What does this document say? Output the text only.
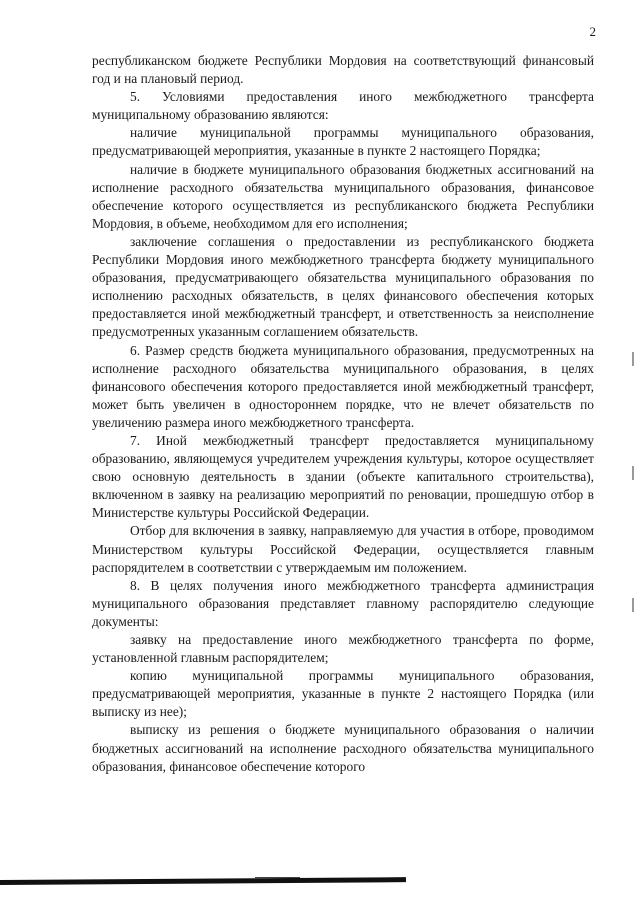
2

республиканском бюджете Республики Мордовия на соответствующий финансовый год и на плановый период.

5. Условиями предоставления иного межбюджетного трансферта муниципальному образованию являются:

наличие муниципальной программы муниципального образования, предусматривающей мероприятия, указанные в пункте 2 настоящего Порядка;

наличие в бюджете муниципального образования бюджетных ассигнований на исполнение расходного обязательства муниципального образования, финансовое обеспечение которого осуществляется из республиканского бюджета Республики Мордовия, в объеме, необходимом для его исполнения;

заключение соглашения о предоставлении из республиканского бюджета Республики Мордовия иного межбюджетного трансферта бюджету муниципального образования, предусматривающего обязательства муниципального образования по исполнению расходных обязательств, в целях финансового обеспечения которых предоставляется иной межбюджетный трансферт, и ответственность за неисполнение предусмотренных указанным соглашением обязательств.

6. Размер средств бюджета муниципального образования, предусмотренных на исполнение расходного обязательства муниципального образования, в целях финансового обеспечения которого предоставляется иной межбюджетный трансферт, может быть увеличен в одностороннем порядке, что не влечет обязательств по увеличению размера иного межбюджетного трансферта.

7. Иной межбюджетный трансферт предоставляется муниципальному образованию, являющемуся учредителем учреждения культуры, которое осуществляет свою основную деятельность в здании (объекте капитального строительства), включенном в заявку на реализацию мероприятий по реновации, прошедшую отбор в Министерстве культуры Российской Федерации.

Отбор для включения в заявку, направляемую для участия в отборе, проводимом Министерством культуры Российской Федерации, осуществляется главным распорядителем в соответствии с утверждаемым им положением.

8. В целях получения иного межбюджетного трансферта администрация муниципального образования представляет главному распорядителю следующие документы:

заявку на предоставление иного межбюджетного трансферта по форме, установленной главным распорядителем;

копию муниципальной программы муниципального образования, предусматривающей мероприятия, указанные в пункте 2 настоящего Порядка (или выписку из нее);

выписку из решения о бюджете муниципального образования о наличии бюджетных ассигнований на исполнение расходного обязательства муниципального образования, финансовое обеспечение которого
